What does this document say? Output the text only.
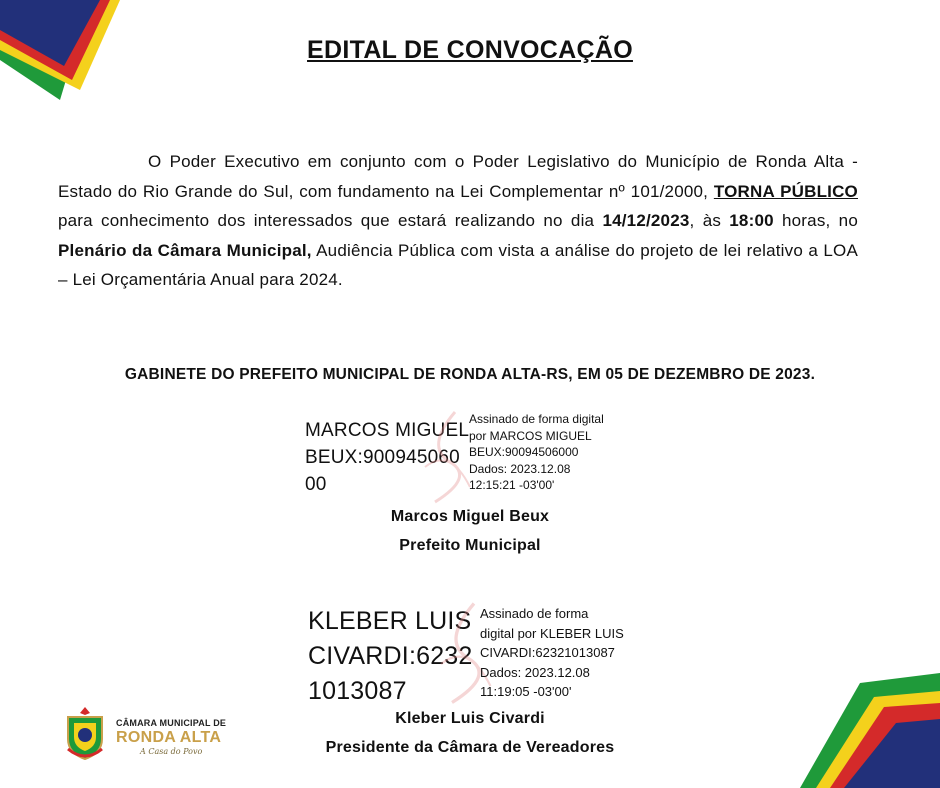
EDITAL DE CONVOCAÇÃO
O Poder Executivo em conjunto com o Poder Legislativo do Município de Ronda Alta - Estado do Rio Grande do Sul, com fundamento na Lei Complementar nº 101/2000, TORNA PÚBLICO para conhecimento dos interessados que estará realizando no dia 14/12/2023, às 18:00 horas, no Plenário da Câmara Municipal, Audiência Pública com vista a análise do projeto de lei relativo a LOA – Lei Orçamentária Anual para 2024.
GABINETE DO PREFEITO MUNICIPAL DE RONDA ALTA-RS, EM 05 DE DEZEMBRO DE 2023.
MARCOS MIGUEL
BEUX:900945060
00
Assinado de forma digital
por MARCOS MIGUEL
BEUX:90094506000
Dados: 2023.12.08
12:15:21 -03'00'
Marcos Miguel Beux
Prefeito Municipal
KLEBER LUIS
CIVARDI:6232
1013087
Assinado de forma
digital por KLEBER LUIS
CIVARDI:62321013087
Dados: 2023.12.08
11:19:05 -03'00'
Kleber Luis Civardi
Presidente da Câmara de Vereadores
CÂMARA MUNICIPAL DE
RONDA ALTA
A Casa do Povo
